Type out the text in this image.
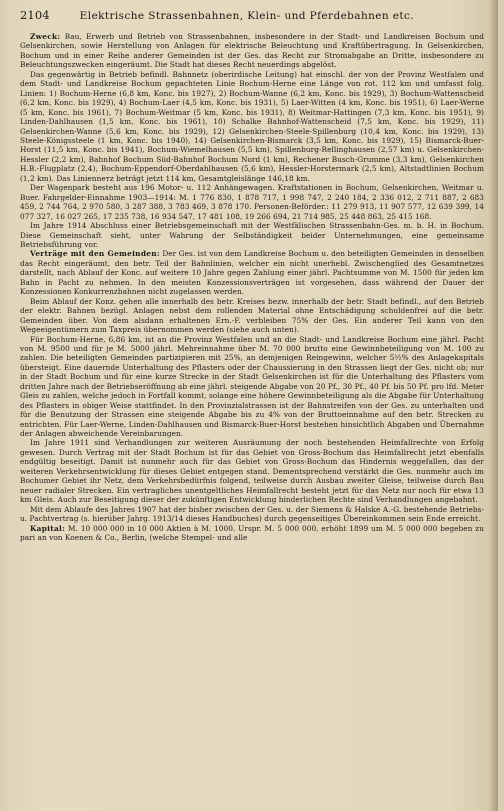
2104	Elektrische Strassenbahnen, Klein- und Pferdebahnen etc.

Zweck: Bau, Erwerb und Betrieb von Strassenbahnen, insbesondere in der Stadt- und Landkreisen Bochum und Gelsenkirchen, sowie Herstellung von Anlagen für elektrische Beleuchtung und Kraftübertragung. In Gelsenkirchen, Bochum und in einer Reihe anderer Gemeinden ist der Ges. das Recht zur Stromabgabe an Dritte, insbesondere zu Beleuchtungszwecken eingeräumt. Die Stadt hat dieses Recht neuerdings abgelöst.

Das gegenwärtig in Betrieb befindl. Bahnnetz (oberirdische Leitung) hat einschl. der von der Provinz Westfalen und dem Stadt- und Landkreise Bochum gepachteten Linie Bochum-Herne eine Länge von rot. 112 km und umfasst folg. Linien: 1) Bochum-Herne (6,8 km, Konc. bis 1927), 2) Bochum-Wanne (6,2 km, Konc. bis 1929), 3) Bochum-Wattenscheid (6,2 km, Konc. bis 1929), 4) Bochum-Laer (4,5 km, Konc. bis 1931), 5) Laer-Witten (4 km, Konc. bis 1951), 6) Laer-Werne (5 km, Konc. bis 1961), 7) Bochum-Weitmar (5 km, Konc. bis 1931), 8) Weitmar-Hattingen (7,3 km, Konc. bis 1951), 9) Linden-Dahlhausen (1,5 km, Konc. bis 1961), 10) Schalke Bahnhof-Wattenscheid (7,5 km, Konc. bis 1929), 11) Gelsenkirchen-Wanne (5,6 km, Konc. bis 1929), 12) Gelsenkirchen-Steele-Spillenburg (10,4 km, Konc. bis 1929), 13) Steele-Königssteele (1 km, Konc. bis 1940), 14) Gelsenkirchen-Bismarck (3,5 km, Konc. bis 1929), 15) Bismarck-Buer-Horst (11,5 km, Konc. bis 1941), Bochum-Wiemelhausen (5,5 km), Spillenburg-Rellinghausen (2,57 km) u. Gelsenkirchen-Hessler (2,2 km), Bahnhof Bochum Süd-Bahnhof Bochum Nord (1 km), Rechener Busch-Grumme (3,3 km), Gelsenkirchen H.B.-Flugplatz (2,4), Bochum-Eppendorf-Oberdahlhausen (5,6 km), Hessler-Horstermark (2,5 km), Altstadtlinien Bochum (1,2 km). Das Linienneтz beträgt jetzt 114 km, Gesamtgleislänge 146,18 km.

Der Wagenpark besteht aus 196 Motor- u. 112 Anhängewagen. Kraftstationen in Bochum, Gelsenkirchen, Weitmar u. Buer. Fahrgelder-Einnahme 1903—1914: M. 1 776 830, 1 878 717, 1 998 747, 2 240 184, 2 336 012, 2 711 887, 2 683 459, 2 744 764, 2 970 580, 3 287 388, 3 783 469, 3 878 170. Personen-Beförder.: 11 279 913, 11 907 577, 12 639 399, 14 077 327, 16 027 265, 17 235 738, 16 934 547, 17 481 108, 19 266 694, 21 714 985, 25 448 863, 25 415 168.

Im Jahre 1914 Abschluss einer Betriebsgemeinschaft mit der Westfälischen Strassenbahn-Ges. m. b. H. in Bochum. Diese Gemeinschaft sieht, unter Wahrung der Selbständigkeit beider Unternehmungen, eine gemeinsame Betriebsführung vor.

Verträge mit den Gemeinden: Der Ges. ist von dem Landkreise Bochum u. den beteiligten Gemeinden in denselben das Recht eingeräumt, den betr. Teil der Bahnlinien, welcher ein nicht unerhebl. Zwischenglied des Gesamtnetzes darstellt, nach Ablauf der Konc. auf weitere 10 Jahre gegen Zahlung einer jährl. Pachtsumme von M. 1500 für jeden km Bahn in Pacht zu nehmen. In den meisten Konzessionsverträgen ist vorgesehen, dass während der Dauer der Konzessionen Konkurrenzbahnen nicht zugelassen werden.

Beim Ablauf der Konz. gehen alle innerhalb des betr. Kreises bezw. innerhalb der betr. Stadt befindl., auf den Betrieb der elektr. Bahnen bezügl. Anlagen nebst dem rollenden Material ohne Entschädigung schuldenfrei auf die betr. Gemeinden über. Von dem alsdann erhaltenen Ern.-F. verbleiben 75% der Ges. Ein anderer Teil kann von den Wegeeigentümern zum Taxpreis übernommen werden (siehe auch unten).

Für Bochum-Herne, 6,86 km, ist an die Provinz Westfalen und an die Stadt- und Landkreise Bochum eine jährl. Pacht von M. 9500 und für je M. 5000 jährl. Mehreinnahme über M. 70 000 brutto eine Gewinnbeteiligung von M. 100 zu zahlen. Die beteiligten Gemeinden partizipieren mit 25%, an demjenigen Reingewinn, welcher 5½% des Anlagekapitals übersteigt. Eine dauernde Unterhaltung des Pflasters oder der Chaussierung in den Strassen liegt der Ges. nicht ob; nur in der Stadt Bochum und für eine kurze Strecke in der Stadt Gelsenkirchen ist für die Unterhaltung des Pflasters vom dritten Jahre nach der Betriebseröffnung ab eine jährl. steigende Abgabe von 20 Pf., 30 Pf., 40 Pf. bis 50 Pf. pro lfd. Meter Gleis zu zahlen, welche jedoch in Fortfall kommt, solange eine höhere Gewinnbeteiligung als die Abgabe für Unterhaltung des Pflasters in obiger Weise stattfindet. In den Provinzialstrassen ist der Bahnstreifen von der Ges. zu unterhalten und für die Benutzung der Strassen eine steigende Abgabe bis zu 4% von der Bruttoeinnahme auf den betr. Strecken zu entrichten. Für Laer-Werne, Linden-Dahlhausen und Bismarck-Buer-Horst bestehen hinsichtlich Abgaben und Übernahme der Anlagen abweichende Vereinbarungen.

Im Jahre 1911 sind Verhandlungen zur weiteren Ausräumung der noch bestehenden Heimfallrechte von Erfolg gewesen. Durch Vertrag mit der Stadt Bochum ist für das Gebiet von Gross-Bochum das Heimfallrecht jetzt ebenfalls endgültig beseitigt. Damit ist nunmehr auch für das Gebiet von Gross-Bochum das Hindernis weggefallen, das der weiteren Verkehrsentwicklung für dieses Gebiet entgegen stand. Dementsprechend verstärkt die Ges. nunmehr auch im Bochumer Gebiet ihr Netz, dem Verkehrsbedürfnis folgend, teilweise durch Ausbau zweiter Gleise, teilweise durch Bau neuer radialer Strecken. Ein vertragliches unentgeltliches Heimfallrecht besteht jetzt für das Netz nur noch für etwa 13 km Gleis. Auch zur Beseitigung dieser der zukünftigen Entwicklung hinderlichen Rechte sind Verhandlungen angebahnt.

Mit dem Ablaufe des Jahres 1907 hat der bisher zwischen der Ges. u. der Siemens & Halske A.-G. bestehende Betriebs- u. Pachtvertrag (s. hierüber Jahrg. 1913/14 dieses Handbuches) durch gegenseitiges Übereinkommen sein Ende erreicht.

Kapital: M. 10 000 000 in 10 000 Aktien à M. 1000. Urspr. M. 5 000 000, erhöht 1899 um M. 5 000 000 begeben zu pari an von Koenen & Co., Berlin, (welche Stempel- und alle
